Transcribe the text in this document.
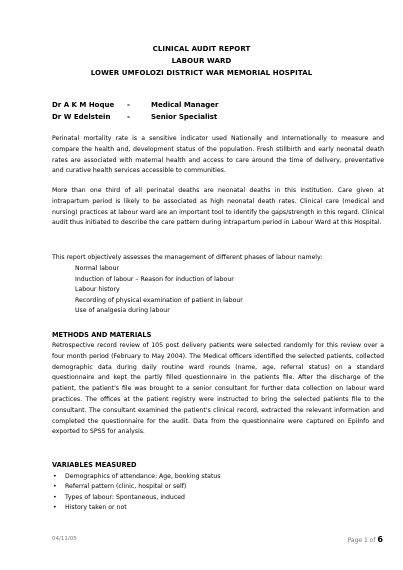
CLINICAL AUDIT REPORT
LABOUR WARD
LOWER UMFOLOZI DISTRICT WAR MEMORIAL HOSPITAL
Dr A K M Hoque -	Medical Manager
Dr W Edelstein -	Senior Specialist

Perinatal mortality rate is a sensitive indicator used Nationally and Internationally to measure and compare the health and, development status of the population. Fresh stillbirth and early neonatal death rates are associated with maternal health and access to care around the time of delivery, preventative and curative health services accessible to communities.

More than one third of all perinatal deaths are neonatal deaths in this institution. Care given at intrapartum period is likely to be associated as high neonatal death rates. Clinical care (medical and nursing) practices at labour ward are an important tool to identify the gaps/strength in this regard. Clinical audit thus initiated to describe the care pattern during intrapartum period in Labour Ward at this Hospital.

This report objectively assesses the management of different phases of labour namely:

Normal labour
Induction of labour – Reason for induction of labour
Labour history
Recording of physical examination of patient in labour
Use of analgesia during labour
METHODS AND MATERIALS

Retrospective record review of 105 post delivery patients were selected randomly for this review over a four month period (February to May 2004). The Medical officers identified the selected patients, collected demographic data during daily routine ward rounds (name, age, referral status) on a standard questionnaire and kept the partly filled questionnaire in the patients file. After the discharge of the patient, the patient's file was brought to a senior consultant for further data collection on labour ward practices. The offices at the patient registry were instructed to bring the selected patients file to the consultant. The consultant examined the patient's clinical record, extracted the relevant information and completed the questionnaire for the audit. Data from the questionnaire were captured on EpiInfo and exported to SPSS for analysis.

VARIABLES MEASURED
• Demographics of attendance: Age, booking status
• Referral pattern (clinic, hospital or self)
• Types of labour: Spontaneous, induced
• History taken or not
04/11/05	Page 1 of 6
